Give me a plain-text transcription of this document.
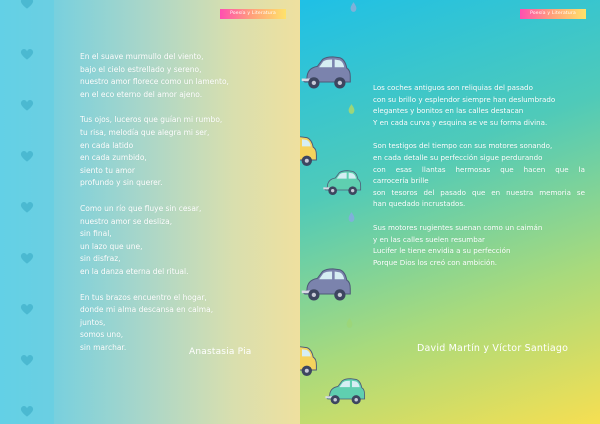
Poesía y Literatura
En el suave murmullo del viento,
bajo el cielo estrellado y sereno,
nuestro amor florece como un lamento,
en el eco eterno del amor ajeno.
Tus ojos, luceros que guían mi rumbo,
tu risa, melodía que alegra mi ser,
en cada latido
en cada zumbido,
siento tu amor
profundo y sin querer.
Como un río que fluye sin cesar,
nuestro amor se desliza,
sin final,
un lazo que une,
sin disfraz,
en la danza eterna del ritual.
En tus brazos encuentro el hogar,
donde mi alma descansa en calma,
juntos,
somos uno,
sin marchar.	Anastasia Pia
Poesía y Literatura
Los coches antiguos son reliquias del pasado
con su brillo y esplendor siempre han deslumbrado
elegantes y bonitos en las calles destacan
Y en cada curva y esquina se ve su forma divina.
Son testigos del tiempo con sus motores sonando,
en cada detalle su perfección sigue perdurando
con esas llantas hermosas que hacen que la
carrocería brille
son tesoros del pasado que en nuestra memoria se
han quedado incrustados.
Sus motores rugientes suenan como un caimán
y en las calles suelen resumbar
Lucifer le tiene envidia a su perfección
Porque Dios los creó con ambición.
David Martín y Víctor Santiago
